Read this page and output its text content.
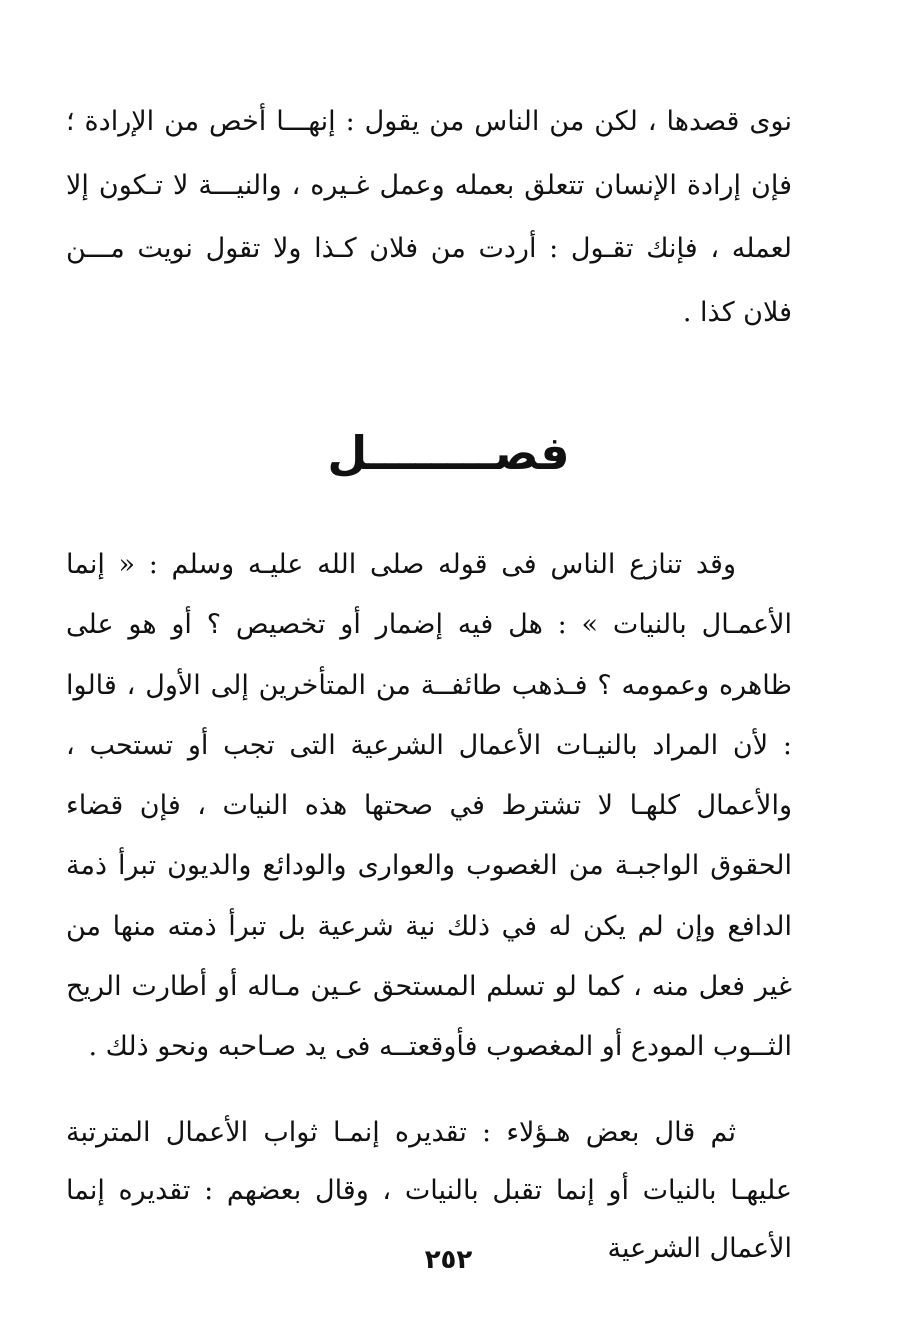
نوى قصدها ، لكن من الناس من يقول : إنهـــا أخص من الإرادة ؛ فإن إرادة الإنسان تتعلق بعمله وعمل غـيره ، والنيـــة لا تـكون إلا لعمله ، فإنك تقـول : أردت من فلان كـذا ولا تقول نويت مـــن فلان كذا .
فصــــــــل
وقد تنازع الناس فى قوله صلى الله عليـه وسلم : « إنما الأعمـال بالنيات » : هل فيه إضمار أو تخصيص ؟ أو هو على ظاهره وعمومه ؟ فـذهب طائفــة من المتأخرين إلى الأول ، قالوا : لأن المراد بالنيـات الأعمال الشرعية التى تجب أو تستحب ، والأعمال كلهـا لا تشترط في صحتها هذه النيات ، فإن قضاء الحقوق الواجبـة من الغصوب والعوارى والودائع والديون تبرأ ذمة الدافع وإن لم يكن له في ذلك نية شرعية بل تبرأ ذمته منها من غير فعل منه ، كما لو تسلم المستحق عـين مـاله أو أطارت الريح الثــوب المودع أو المغصوب فأوقعتــه فى يد صـاحبه ونحو ذلك .
ثم قال بعض هـؤلاء : تقديره إنمـا ثواب الأعمال المترتبة عليهـا بالنيات أو إنما تقبل بالنيات ، وقال بعضهم : تقديره إنما الأعمال الشرعية
٢٥٢
